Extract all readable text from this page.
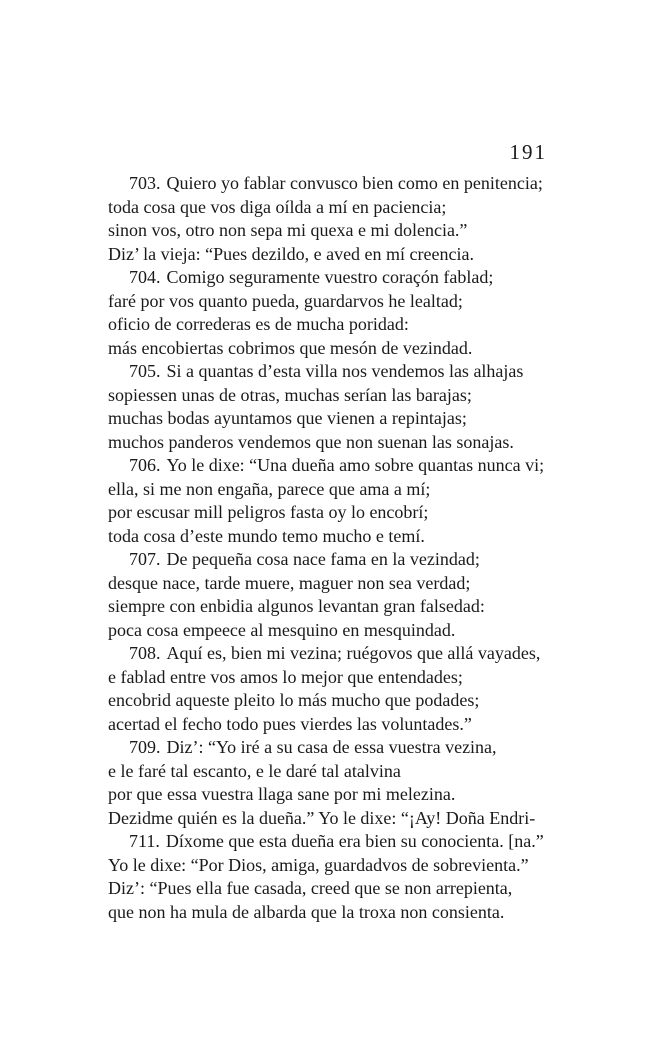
191
703. Quiero yo fablar convusco bien como en penitencia;
toda cosa que vos diga oílda a mí en paciencia;
sinon vos, otro non sepa mi quexa e mi dolencia.”
Diz’ la vieja: “Pues dezildo, e aved en mí creencia.
704. Comigo seguramente vuestro coraçón fablad;
faré por vos quanto pueda, guardarvos he lealtad;
oficio de correderas es de mucha poridad:
más encobiertas cobrimos que mesón de vezindad.
705. Si a quantas d’esta villa nos vendemos las alhajas
sopiessen unas de otras, muchas serían las barajas;
muchas bodas ayuntamos que vienen a repintajas;
muchos panderos vendemos que non suenan las sonajas.
706. Yo le dixe: “Una dueña amo sobre quantas nunca vi;
ella, si me non engaña, parece que ama a mí;
por escusar mill peligros fasta oy lo encobrí;
toda cosa d’este mundo temo mucho e temí.
707. De pequeña cosa nace fama en la vezindad;
desque nace, tarde muere, maguer non sea verdad;
siempre con enbidia algunos levantan gran falsedad:
poca cosa empeece al mesquino en mesquindad.
708. Aquí es, bien mi vezina; ruégovos que allá vayades,
e fablad entre vos amos lo mejor que entendades;
encobrid aqueste pleito lo más mucho que podades;
acertad el fecho todo pues vierdes las voluntades.”
709. Diz’: “Yo iré a su casa de essa vuestra vezina,
e le faré tal escanto, e le daré tal atalvina
por que essa vuestra llaga sane por mi melezina.
Dezidme quién es la dueña.” Yo le dixe: “¡Ay! Doña Endri-
711. Díxome que esta dueña era bien su conocienta. [na.”
Yo le dixe: “Por Dios, amiga, guardadvos de sobrevienta.”
Diz’: “Pues ella fue casada, creed que se non arrepienta,
que non ha mula de albarda que la troxa non consienta.
